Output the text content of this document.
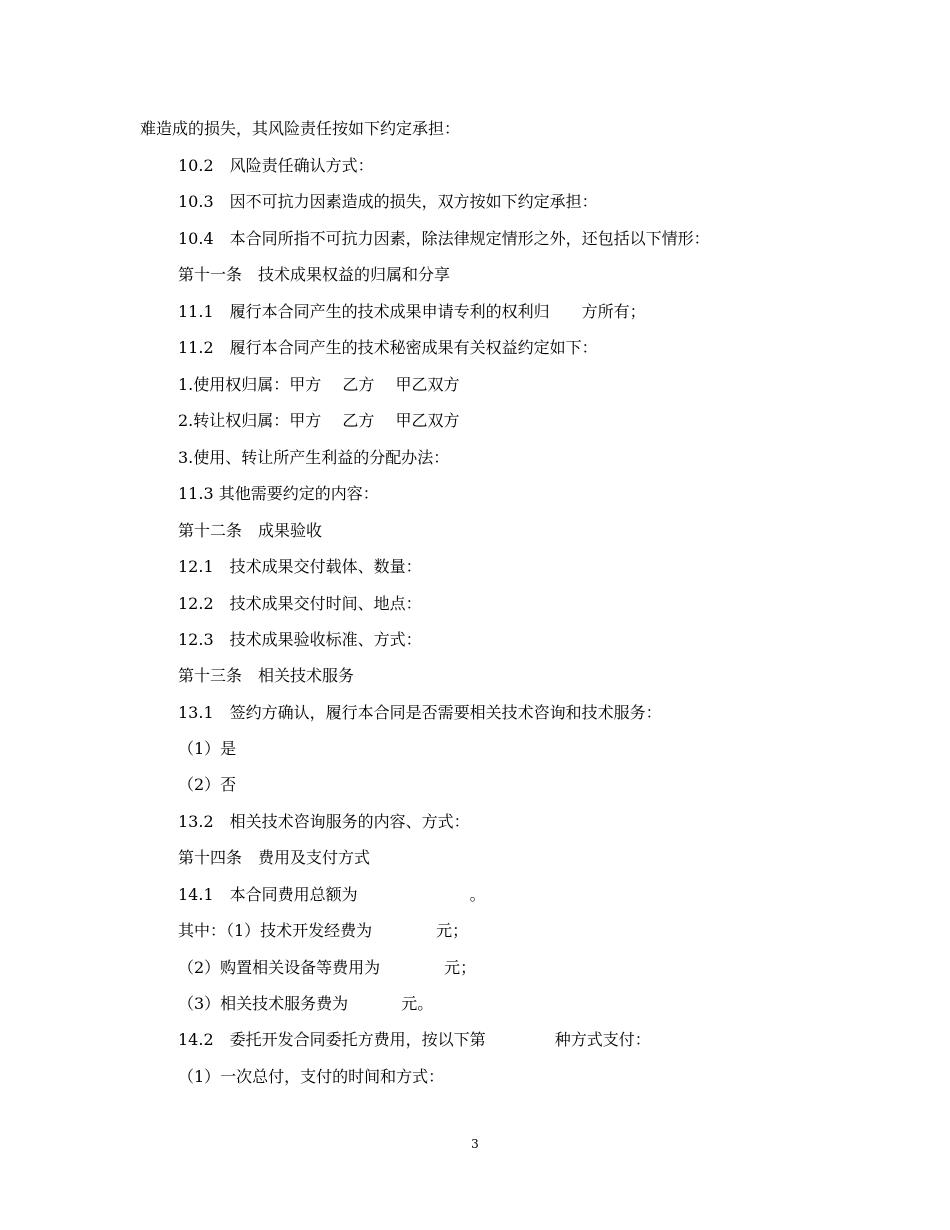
难造成的损失，其风险责任按如下约定承担：
10.2　风险责任确认方式：
10.3　因不可抗力因素造成的损失，双方按如下约定承担：
10.4　本合同所指不可抗力因素，除法律规定情形之外，还包括以下情形：
第十一条　技术成果权益的归属和分享
11.1　履行本合同产生的技术成果申请专利的权利归　　方所有；
11.2　履行本合同产生的技术秘密成果有关权益约定如下：
1.使用权归属：甲方　 乙方　 甲乙双方
2.转让权归属：甲方　 乙方　 甲乙双方
3.使用、转让所产生利益的分配办法：
11.3 其他需要约定的内容：
第十二条　成果验收
12.1　技术成果交付载体、数量：
12.2　技术成果交付时间、地点：
12.3　技术成果验收标准、方式：
第十三条　相关技术服务
13.1　签约方确认，履行本合同是否需要相关技术咨询和技术服务：
（1）是
（2）否
13.2　相关技术咨询服务的内容、方式：
第十四条　费用及支付方式
14.1　本合同费用总额为　　　　　　　。
其中：（1）技术开发经费为　　　　元；
（2）购置相关设备等费用为　　　　元；
（3）相关技术服务费为　　　 元。
14.2　委托开发合同委托方费用，按以下第　　　　 种方式支付：
（1）一次总付，支付的时间和方式：
3
